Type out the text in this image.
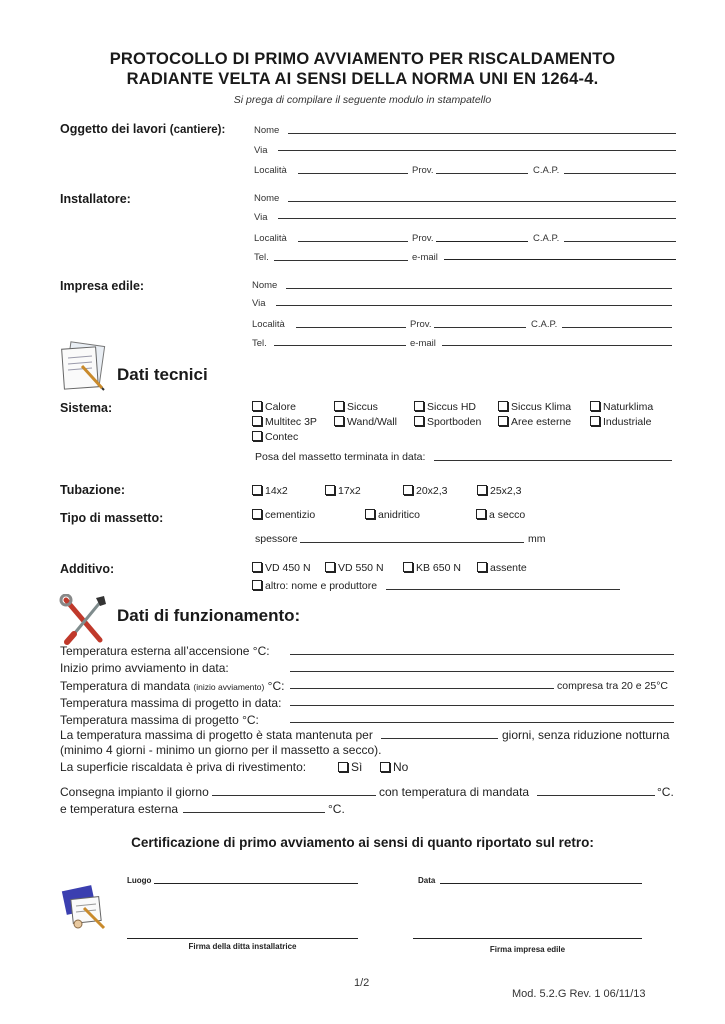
PROTOCOLLO DI PRIMO AVVIAMENTO PER RISCALDAMENTO
RADIANTE VELTA AI SENSI DELLA NORMA UNI EN 1264-4.
Si prega di compilare il seguente modulo in stampatello
Oggetto dei lavori (cantiere):	Nome
Via
Località	Prov.	C.A.P.
Installatore:	Nome
Via
Località	Prov.	C.A.P.
Tel.	e-mail
Impresa edile:	Nome
Via
Località	Prov.	C.A.P.
Tel.	e-mail
Dati tecnici
Sistema:	Calore	Siccus	Siccus HD	Siccus Klima	Naturklima
Multitec 3P	Wand/Wall	Sportboden	Aree esterne	Industriale
Contec
Posa del massetto terminata in data:
Tubazione:	14x2	17x2	20x2,3	25x2,3
Tipo di massetto:	cementizio	anidritico	a secco
spessore	mm
Additivo:	VD 450 N	VD 550 N	KB 650 N	assente
altro: nome e produttore
Dati di funzionamento:
Temperatura esterna all’accensione °C:
Inizio primo avviamento in data:
Temperatura di mandata (inizio avviamento) °C:	compresa tra 20 e 25°C
Temperatura massima di progetto in data:
Temperatura massima di progetto °C:
La temperatura massima di progetto è stata mantenuta per	giorni, senza riduzione notturna
(minimo 4 giorni - minimo un giorno per il massetto a secco).
La superficie riscaldata è priva di rivestimento:	Sì	No
Consegna impianto il giorno	con temperatura di mandata	°C.
e temperatura esterna	°C.
Certificazione di primo avviamento ai sensi di quanto riportato sul retro:
Luogo	Data
Firma della ditta installatrice	Firma impresa edile
1/2
Mod. 5.2.G Rev. 1 06/11/13
